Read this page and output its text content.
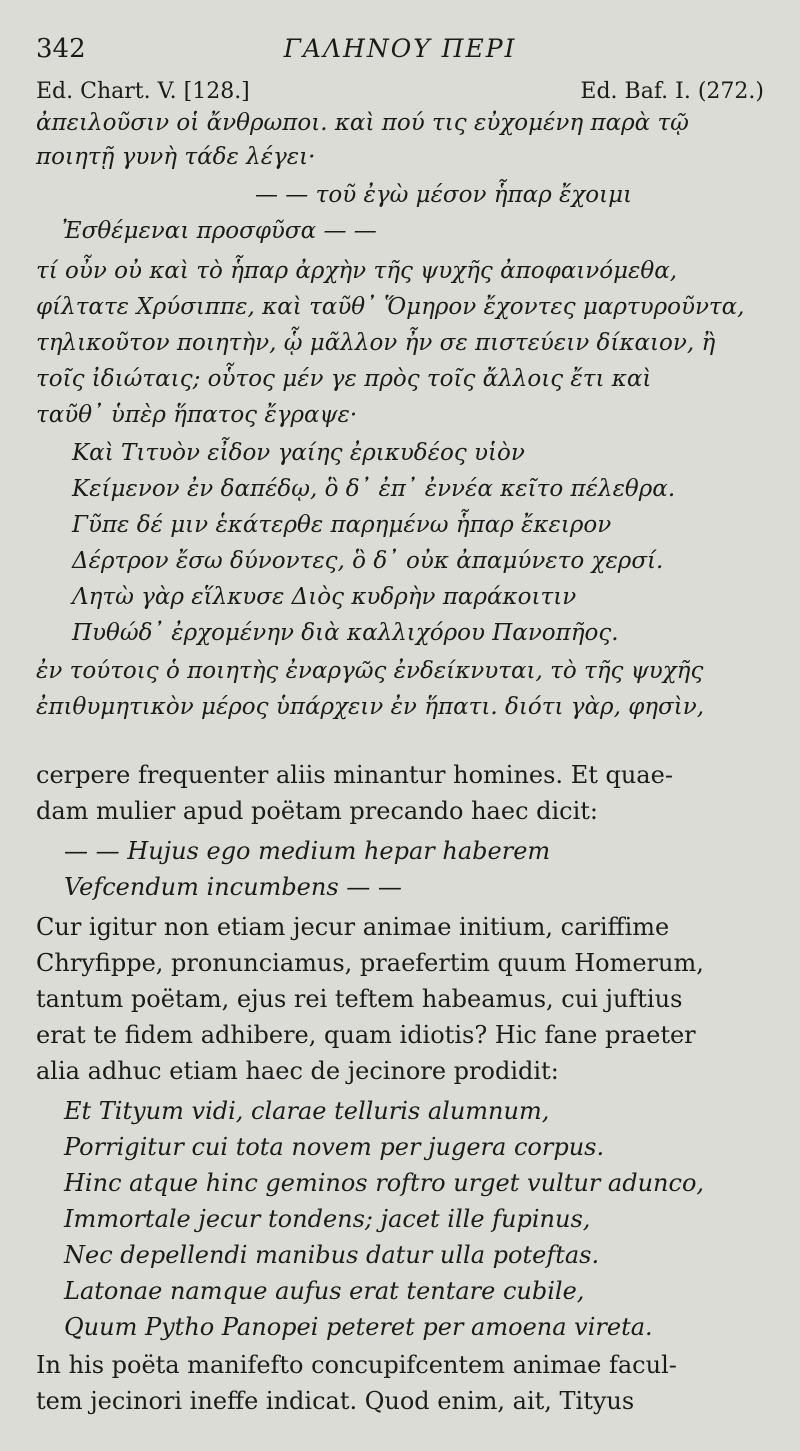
342	ΓΑΛΗΝΟΥ ΠΕΡΙ
Ed. Chart. V. [128.]	Ed. Baf. I. (272.)
ἀπειλοῦσιν οἱ ἄνθρωποι. καὶ πού τις εὐχομένη παρὰ τῷ
ποιητῇ γυνὴ τάδε λέγει·
— — τοῦ ἐγὼ μέσον ἧπαρ ἔχοιμι
Ἐσθέμεναι προσφῦσα — —
τί οὖν οὐ καὶ τὸ ἧπαρ ἀρχὴν τῆς ψυχῆς ἀποφαινόμεθα,
φίλτατε Χρύσιππε, καὶ ταῦθ᾽ Ὅμηρον ἔχοντες μαρτυροῦντα,
τηλικοῦτον ποιητὴν, ᾧ μᾶλλον ἦν σε πιστεύειν δίκαιον, ἢ
τοῖς ἰδιώταις; οὗτος μέν γε πρὸς τοῖς ἄλλοις ἔτι καὶ
ταῦθ᾽ ὑπὲρ ἥπατος ἔγραψε·
Καὶ Τιτυὸν εἶδον γαίης ἐρικυδέος υἱὸν
Κείμενον ἐν δαπέδῳ, ὃ δ᾽ ἐπ᾽ ἐννέα κεῖτο πέλεθρα.
Γῦπε δέ μιν ἑκάτερθε παρημένω ἧπαρ ἔκειρον
Δέρτρον ἔσω δύνοντες, ὃ δ᾽ οὐκ ἀπαμύνετο χερσί.
Λητὼ γὰρ εἵλκυσε Διὸς κυδρὴν παράκοιτιν
Πυθώδ᾽ ἐρχομένην διὰ καλλιχόρου Πανοπῆος.
ἐν τούτοις ὁ ποιητὴς ἐναργῶς ἐνδείκνυται, τὸ τῆς ψυχῆς
ἐπιθυμητικὸν μέρος ὑπάρχειν ἐν ἥπατι. διότι γὰρ, φησὶν,
cerpere frequenter aliis minantur homines. Et quae-
dam mulier apud poëtam precando haec dicit:
— — Hujus ego medium hepar haberem
Vefcendum incumbens — —
Cur igitur non etiam jecur animae initium, cariffime
Chryfippe, pronunciamus, praefertim quum Homerum,
tantum poëtam, ejus rei teftem habeamus, cui juftius
erat te fidem adhibere, quam idiotis? Hic fane praeter
alia adhuc etiam haec de jecinore prodidit:
Et Tityum vidi, clarae telluris alumnum,
Porrigitur cui tota novem per jugera corpus.
Hinc atque hinc geminos roftro urget vultur adunco,
Immortale jecur tondens; jacet ille fupinus,
Nec depellendi manibus datur ulla poteftas.
Latonae namque aufus erat tentare cubile,
Quum Pytho Panopei peteret per amoena vireta.
In his poëta manifefto concupifcentem animae facul-
tem jecinori ineffe indicat. Quod enim, ait, Tityus
